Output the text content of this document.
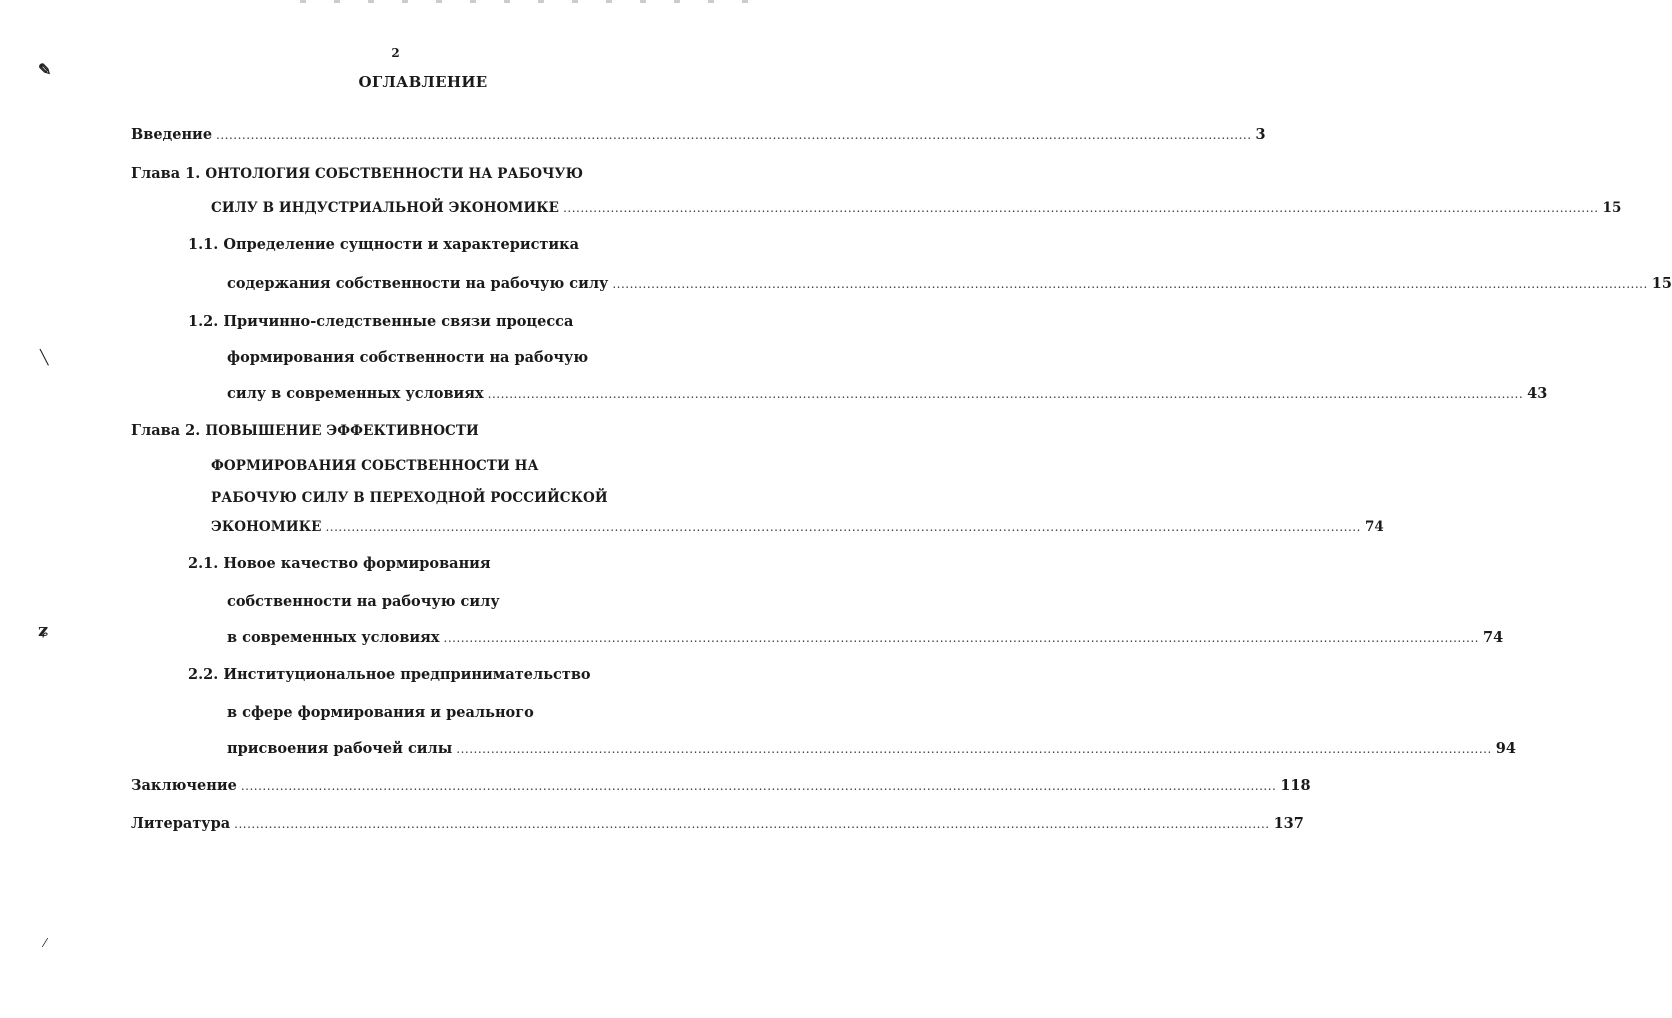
✎
╲
ʑ
⁄
2
ОГЛАВЛЕНИЕ
Введение ................................................................................................................................................................................................................................................ 3
Глава 1. ОНТОЛОГИЯ СОБСТВЕННОСТИ НА РАБОЧУЮ
СИЛУ В ИНДУСТРИАЛЬНОЙ ЭКОНОМИКЕ ................................................................................................................................................................................................................................................ 15
1.1. Определение сущности и характеристика
содержания собственности на рабочую силу ................................................................................................................................................................................................................................................ 15
1.2. Причинно-следственные связи процесса
формирования собственности на рабочую
силу в современных условиях ................................................................................................................................................................................................................................................ 43
Глава 2. ПОВЫШЕНИЕ ЭФФЕКТИВНОСТИ
ФОРМИРОВАНИЯ СОБСТВЕННОСТИ НА
РАБОЧУЮ СИЛУ В ПЕРЕХОДНОЙ РОССИЙСКОЙ
ЭКОНОМИКЕ ................................................................................................................................................................................................................................................ 74
2.1. Новое качество формирования
собственности на рабочую силу
в современных условиях ................................................................................................................................................................................................................................................ 74
2.2. Институциональное предпринимательство
в сфере формирования и реального
присвоения рабочей силы ................................................................................................................................................................................................................................................ 94
Заключение ................................................................................................................................................................................................................................................ 118
Литература ................................................................................................................................................................................................................................................ 137
